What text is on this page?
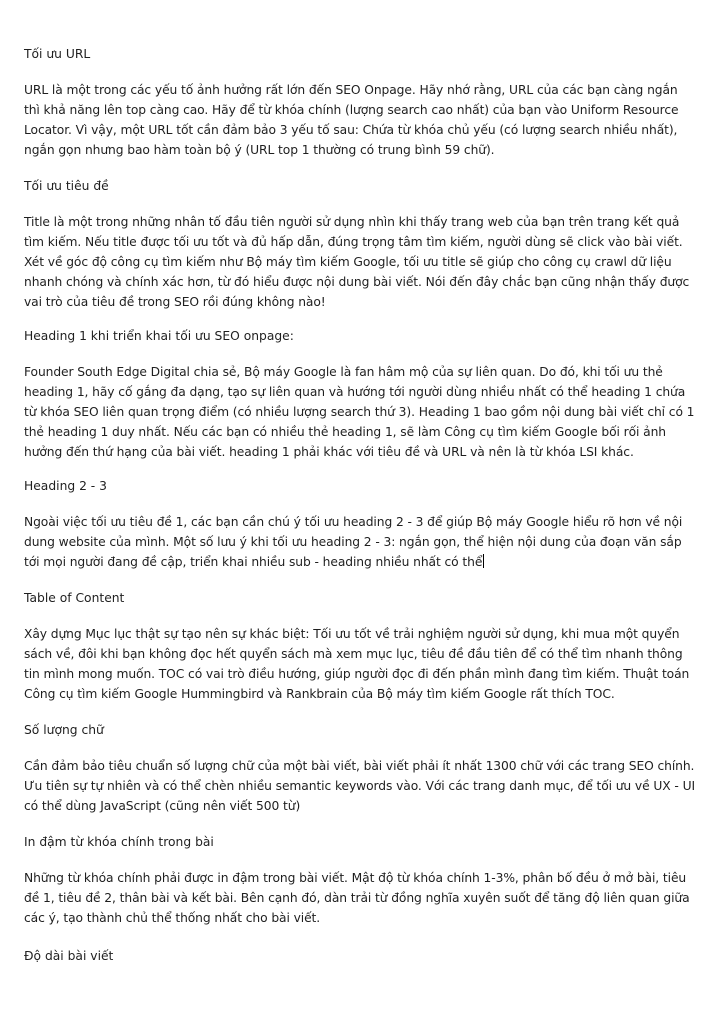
Tối ưu URL

URL là một trong các yếu tố ảnh hưởng rất lớn đến SEO Onpage. Hãy nhớ rằng, URL của các bạn càng ngắn thì khả năng lên top càng cao. Hãy để từ khóa chính (lượng search cao nhất) của bạn vào Uniform Resource Locator. Vì vậy, một URL tốt cần đảm bảo 3 yếu tố sau: Chứa từ khóa chủ yếu (có lượng search nhiều nhất), ngắn gọn nhưng bao hàm toàn bộ ý (URL top 1 thường có trung bình 59 chữ).

Tối ưu tiêu đề

Title là một trong những nhân tố đầu tiên người sử dụng nhìn khi thấy trang web của bạn trên trang kết quả tìm kiếm. Nếu title được tối ưu tốt và đủ hấp dẫn, đúng trọng tâm tìm kiếm, người dùng sẽ click vào bài viết. Xét về góc độ công cụ tìm kiếm như Bộ máy tìm kiếm Google, tối ưu title sẽ giúp cho công cụ crawl dữ liệu nhanh chóng và chính xác hơn, từ đó hiểu được nội dung bài viết. Nói đến đây chắc bạn cũng nhận thấy được vai trò của tiêu đề trong SEO rồi đúng không nào!

Heading 1 khi triển khai tối ưu SEO onpage:

Founder South Edge Digital chia sẻ, Bộ máy Google là fan hâm mộ của sự liên quan. Do đó, khi tối ưu thẻ heading 1, hãy cố gắng đa dạng, tạo sự liên quan và hướng tới người dùng nhiều nhất có thể heading 1 chứa từ khóa SEO liên quan trọng điểm (có nhiều lượng search thứ 3). Heading 1 bao gồm nội dung bài viết chỉ có 1 thẻ heading 1 duy nhất. Nếu các bạn có nhiều thẻ heading 1, sẽ làm Công cụ tìm kiếm Google bối rối ảnh hưởng đến thứ hạng của bài viết. heading 1 phải khác với tiêu đề và URL và nên là từ khóa LSI khác.

Heading 2 - 3

Ngoài việc tối ưu tiêu đề 1, các bạn cần chú ý tối ưu heading 2 - 3 để giúp Bộ máy Google hiểu rõ hơn về nội dung website của mình. Một số lưu ý khi tối ưu heading 2 - 3: ngắn gọn, thể hiện nội dung của đoạn văn sắp tới mọi người đang đề cập, triển khai nhiều sub - heading nhiều nhất có thể

Table of Content

Xây dựng Mục lục thật sự tạo nên sự khác biệt: Tối ưu tốt về trải nghiệm người sử dụng, khi mua một quyển sách về, đôi khi bạn không đọc hết quyển sách mà xem mục lục, tiêu đề đầu tiên để có thể tìm nhanh thông tin mình mong muốn. TOC có vai trò điều hướng, giúp người đọc đi đến phần mình đang tìm kiếm. Thuật toán Công cụ tìm kiếm Google Hummingbird và Rankbrain của Bộ máy tìm kiếm Google rất thích TOC.

Số lượng chữ

Cần đảm bảo tiêu chuẩn số lượng chữ của một bài viết, bài viết phải ít nhất 1300 chữ với các trang SEO chính. Ưu tiên sự tự nhiên và có thể chèn nhiều semantic keywords vào. Với các trang danh mục, để tối ưu về UX - UI có thể dùng JavaScript (cũng nên viết 500 từ)

In đậm từ khóa chính trong bài

Những từ khóa chính phải được in đậm trong bài viết. Mật độ từ khóa chính 1-3%, phân bố đều ở mở bài, tiêu đề 1, tiêu đề 2, thân bài và kết bài. Bên cạnh đó, dàn trải từ đồng nghĩa xuyên suốt để tăng độ liên quan giữa các ý, tạo thành chủ thể thống nhất cho bài viết.

Độ dài bài viết
